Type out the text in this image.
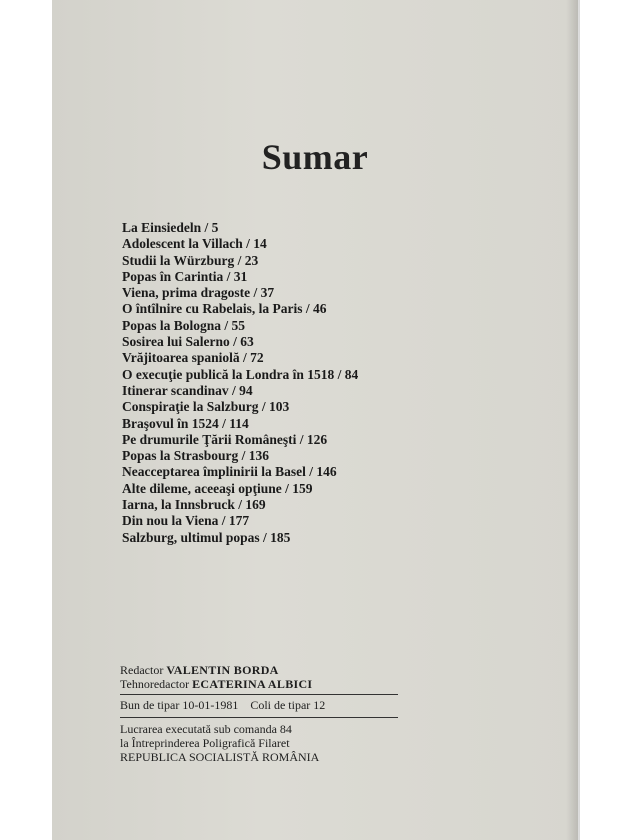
Sumar
La Einsiedeln / 5
Adolescent la Villach / 14
Studii la Würzburg / 23
Popas în Carintia / 31
Viena, prima dragoste / 37
O întîlnire cu Rabelais, la Paris / 46
Popas la Bologna / 55
Sosirea lui Salerno / 63
Vrăjitoarea spaniolă / 72
O execuţie publică la Londra în 1518 / 84
Itinerar scandinav / 94
Conspiraţie la Salzburg / 103
Braşovul în 1524 / 114
Pe drumurile Ţării Româneşti / 126
Popas la Strasbourg / 136
Neacceptarea împlinirii la Basel / 146
Alte dileme, aceeaşi opţiune / 159
Iarna, la Innsbruck / 169
Din nou la Viena / 177
Salzburg, ultimul popas / 185
Redactor VALENTIN BORDA
Tehnoredactor ECATERINA ALBICI
Bun de tipar 10-01-1981 Coli de tipar 12
Lucrarea executată sub comanda 84
la Întreprinderea Poligrafică Filaret
REPUBLICA SOCIALISTĂ ROMÂNIA
